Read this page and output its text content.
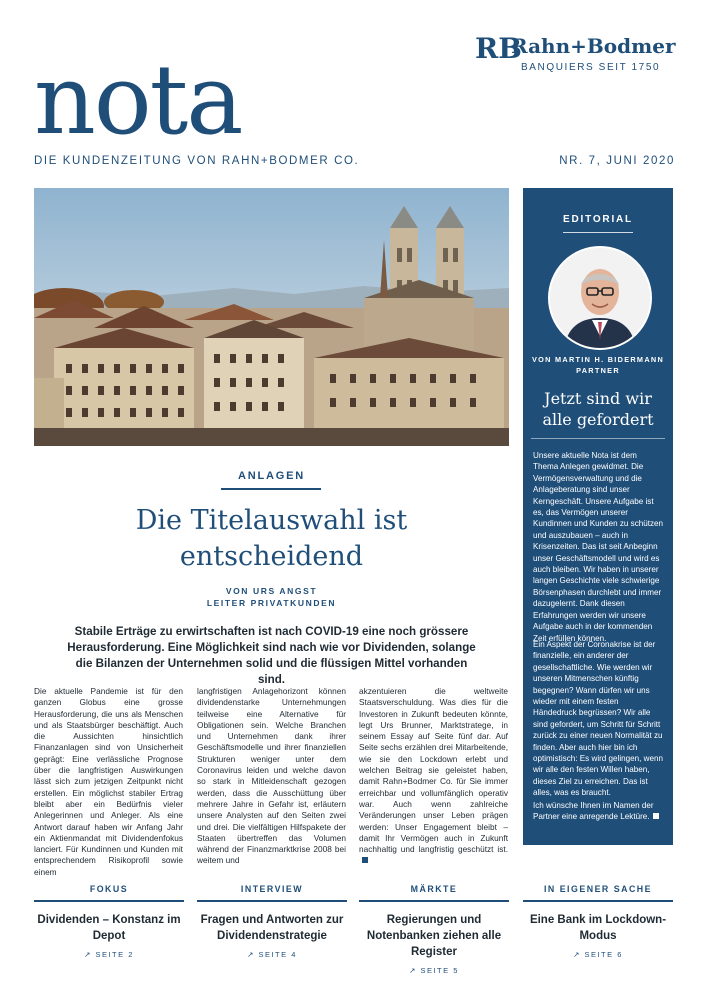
RB
Rahn+Bodmer
BANQUIERS SEIT 1750
nota
DIE KUNDENZEITUNG VON RAHN+BODMER CO.	NR. 7, JUNI 2020
ANLAGEN
Die Titelauswahl ist entscheidend
VON URS ANGST
LEITER PRIVATKUNDEN
Stabile Erträge zu erwirtschaften ist nach COVID-19 eine noch grössere Herausforderung. Eine Möglichkeit sind nach wie vor Dividenden, solange die Bilanzen der Unternehmen solid und die flüssigen Mittel vorhanden sind.
Die aktuelle Pandemie ist für den ganzen Globus eine grosse Herausforderung, die uns als Menschen und als Staatsbürger beschäftigt. Auch die Aussichten hinsichtlich Finanzanlagen sind von Unsicherheit geprägt: Eine verlässliche Prognose über die langfristigen Auswirkungen lässt sich zum jetzigen Zeitpunkt nicht erstellen. Ein möglichst stabiler Ertrag bleibt aber ein Bedürfnis vieler Anlegerinnen und Anleger. Als eine Antwort darauf haben wir Anfang Jahr ein Aktienmandat mit Dividendenfokus lanciert. Für Kundinnen und Kunden mit entsprechendem Risikoprofil sowie einem
langfristigen Anlagehorizont können dividendenstarke Unternehmungen teilweise eine Alternative für Obligationen sein. Welche Branchen und Unternehmen dank ihrer Geschäftsmodelle und ihrer finanziellen Strukturen weniger unter dem Coronavirus leiden und welche davon so stark in Mitleidenschaft gezogen werden, dass die Ausschüttung über mehrere Jahre in Gefahr ist, erläutern unsere Analysten auf den Seiten zwei und drei. Die vielfältigen Hilfspakete der Staaten übertreffen das Volumen während der Finanzmarktkrise 2008 bei weitem und
akzentuieren die weltweite Staatsverschuldung. Was dies für die Investoren in Zukunft bedeuten könnte, legt Urs Brunner, Marktstratege, in seinem Essay auf Seite fünf dar. Auf Seite sechs erzählen drei Mitarbeitende, wie sie den Lockdown erlebt und welchen Beitrag sie geleistet haben, damit Rahn+Bodmer Co. für Sie immer erreichbar und vollumfänglich operativ war. Auch wenn zahlreiche Veränderungen unser Leben prägen werden: Unser Engagement bleibt – damit Ihr Vermögen auch in Zukunft nachhaltig und langfristig geschützt ist.
EDITORIAL
VON MARTIN H. BIDERMANN
PARTNER
Jetzt sind wir alle gefordert
Unsere aktuelle Nota ist dem Thema Anlegen gewidmet. Die Vermögensverwaltung und die Anlageberatung sind unser Kerngeschäft. Unsere Aufgabe ist es, das Vermögen unserer Kundinnen und Kunden zu schützen und auszubauen – auch in Krisenzeiten. Das ist seit Anbeginn unser Geschäftsmodell und wird es auch bleiben. Wir haben in unserer langen Geschichte viele schwierige Börsenphasen durchlebt und immer dazugelernt. Dank diesen Erfahrungen werden wir unsere Aufgabe auch in der kommenden Zeit erfüllen können.
Ein Aspekt der Coronakrise ist der finanzielle, ein anderer der gesellschaftliche. Wie werden wir unseren Mitmenschen künftig begegnen? Wann dürfen wir uns wieder mit einem festen Händedruck begrüssen? Wir alle sind gefordert, um Schritt für Schritt zurück zu einer neuen Normalität zu finden. Aber auch hier bin ich optimistisch: Es wird gelingen, wenn wir alle den festen Willen haben, dieses Ziel zu erreichen. Das ist alles, was es braucht.
Ich wünsche Ihnen im Namen der Partner eine anregende Lektüre.
FOKUS
Dividenden – Konstanz im Depot
↗ SEITE 2
INTERVIEW
Fragen und Antworten zur Dividendenstrategie
↗ SEITE 4
MÄRKTE
Regierungen und Notenbanken ziehen alle Register
↗ SEITE 5
IN EIGENER SACHE
Eine Bank im Lockdown-Modus
↗ SEITE 6
